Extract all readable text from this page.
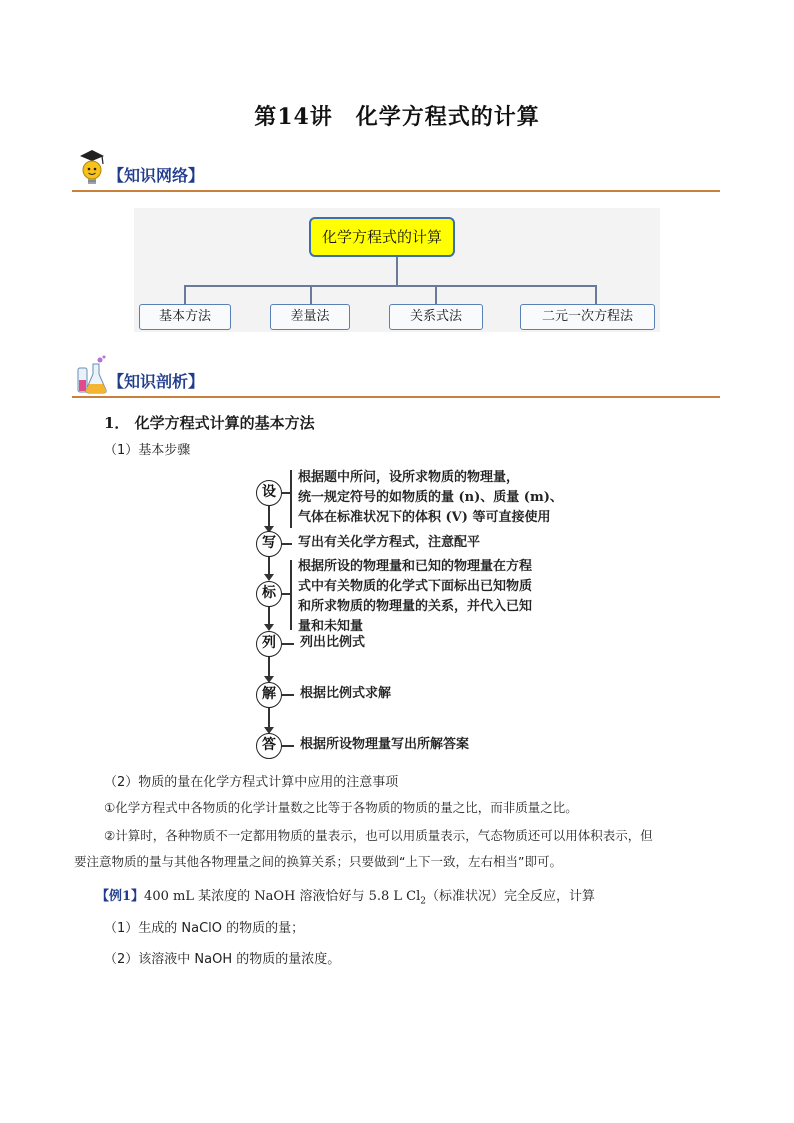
第14讲　化学方程式的计算
【知识网络】
化学方程式的计算
基本方法	差量法	关系式法	二元一次方程法
【知识剖析】
1． 化学方程式计算的基本方法
（1）基本步骤
设
写
标
列
解
答
根据题中所问，设所求物质的物理量，
统一规定符号的如物质的量 (n)、质量 (m)、
气体在标准状况下的体积 (V) 等可直接使用
写出有关化学方程式，注意配平
根据所设的物理量和已知的物理量在方程
式中有关物质的化学式下面标出已知物质
和所求物质的物理量的关系，并代入已知
量和未知量
列出比例式
根据比例式求解
根据所设物理量写出所解答案
（2）物质的量在化学方程式计算中应用的注意事项
①化学方程式中各物质的化学计量数之比等于各物质的物质的量之比，而非质量之比。
②计算时，各种物质不一定都用物质的量表示，也可以用质量表示，气态物质还可以用体积表示，但
要注意物质的量与其他各物理量之间的换算关系；只要做到“上下一致，左右相当”即可。
【例1】400 mL 某浓度的 NaOH 溶液恰好与 5.8 L $Cl_2$（标准状况）完全反应，计算
（1）生成的 NaClO 的物质的量；
（2）该溶液中 NaOH 的物质的量浓度。
